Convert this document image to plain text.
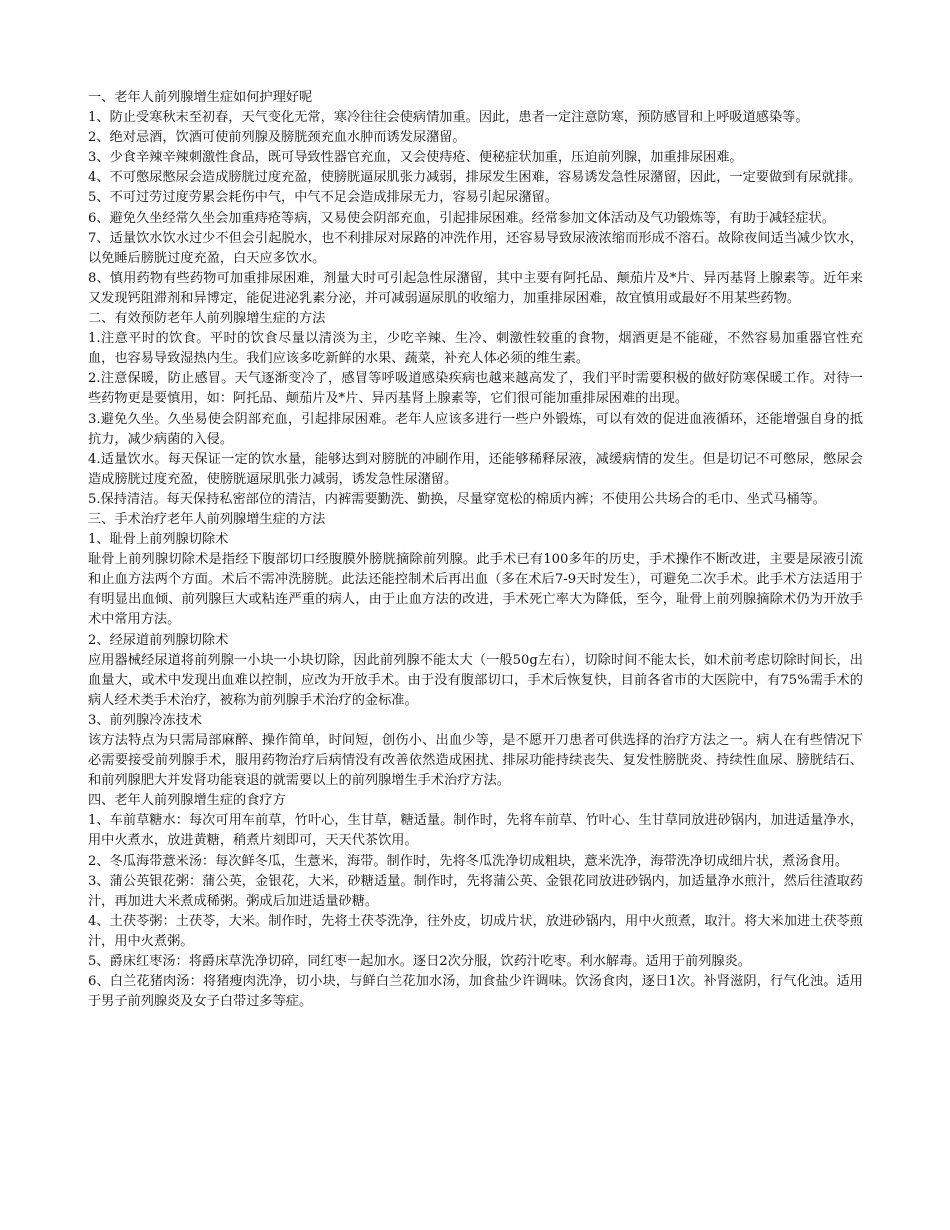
一、老年人前列腺增生症如何护理好呢

1、防止受寒秋末至初春，天气变化无常，寒冷往往会使病情加重。因此，患者一定注意防寒，预防感冒和上呼吸道感染等。

2、绝对忌酒，饮酒可使前列腺及膀胱颈充血水肿而诱发尿潴留。

3、少食辛辣辛辣刺激性食品，既可导致性器官充血，又会使痔疮、便秘症状加重，压迫前列腺，加重排尿困难。

4、不可憋尿憋尿会造成膀胱过度充盈，使膀胱逼尿肌张力减弱，排尿发生困难，容易诱发急性尿潴留，因此，一定要做到有尿就排。

5、不可过劳过度劳累会耗伤中气，中气不足会造成排尿无力，容易引起尿潴留。

6、避免久坐经常久坐会加重痔疮等病，又易使会阴部充血，引起排尿困难。经常参加文体活动及气功锻炼等，有助于减轻症状。

7、适量饮水饮水过少不但会引起脱水，也不利排尿对尿路的冲洗作用，还容易导致尿液浓缩而形成不溶石。故除夜间适当减少饮水，以免睡后膀胱过度充盈，白天应多饮水。

8、慎用药物有些药物可加重排尿困难，剂量大时可引起急性尿潴留，其中主要有阿托品、颠茄片及*片、异丙基肾上腺素等。近年来又发现钙阻滞剂和异博定，能促进泌乳素分泌，并可减弱逼尿肌的收缩力，加重排尿困难，故宜慎用或最好不用某些药物。

二、有效预防老年人前列腺增生症的方法

1.注意平时的饮食。平时的饮食尽量以清淡为主，少吃辛辣、生冷、刺激性较重的食物，烟酒更是不能碰，不然容易加重器官性充血，也容易导致湿热内生。我们应该多吃新鲜的水果、蔬菜，补充人体必须的维生素。

2.注意保暖，防止感冒。天气逐渐变冷了，感冒等呼吸道感染疾病也越来越高发了，我们平时需要积极的做好防寒保暖工作。对待一些药物更是要慎用，如：阿托品、颠茄片及*片、异丙基肾上腺素等，它们很可能加重排尿困难的出现。

3.避免久坐。久坐易使会阴部充血，引起排尿困难。老年人应该多进行一些户外锻炼，可以有效的促进血液循环，还能增强自身的抵抗力，减少病菌的入侵。

4.适量饮水。每天保证一定的饮水量，能够达到对膀胱的冲刷作用，还能够稀释尿液，减缓病情的发生。但是切记不可憋尿，憋尿会造成膀胱过度充盈，使膀胱逼尿肌张力减弱，诱发急性尿潴留。

5.保持清洁。每天保持私密部位的清洁，内裤需要勤洗、勤换，尽量穿宽松的棉质内裤；不使用公共场合的毛巾、坐式马桶等。

三、手术治疗老年人前列腺增生症的方法

1、耻骨上前列腺切除术

耻骨上前列腺切除术是指经下腹部切口经腹膜外膀胱摘除前列腺。此手术已有100多年的历史，手术操作不断改进，主要是尿液引流和止血方法两个方面。术后不需冲洗膀胱。此法还能控制术后再出血（多在术后7-9天时发生），可避免二次手术。此手术方法适用于有明显出血倾、前列腺巨大或粘连严重的病人，由于止血方法的改进，手术死亡率大为降低，至今，耻骨上前列腺摘除术仍为开放手术中常用方法。

2、经尿道前列腺切除术

应用器械经尿道将前列腺一小块一小块切除，因此前列腺不能太大（一般50g左右），切除时间不能太长，如术前考虑切除时间长，出血量大，或术中发现出血难以控制，应改为开放手术。由于没有腹部切口，手术后恢复快，目前各省市的大医院中，有75%需手术的病人经术类手术治疗，被称为前列腺手术治疗的金标准。

3、前列腺冷冻技术

该方法特点为只需局部麻醉、操作简单，时间短，创伤小、出血少等，是不愿开刀患者可供选择的治疗方法之一。病人在有些情况下必需要接受前列腺手术，服用药物治疗后病情没有改善依然造成困扰、排尿功能持续丧失、复发性膀胱炎、持续性血尿、膀胱结石、和前列腺肥大并发肾功能衰退的就需要以上的前列腺增生手术治疗方法。

四、老年人前列腺增生症的食疗方

1、车前草糖水：每次可用车前草，竹叶心，生甘草，糖适量。制作时，先将车前草、竹叶心、生甘草同放进砂锅内，加进适量净水，用中火煮水，放进黄糖，稍煮片刻即可，天天代茶饮用。

2、冬瓜海带薏米汤：每次鲜冬瓜，生薏米，海带。制作时，先将冬瓜洗净切成粗块，薏米洗净，海带洗净切成细片状，煮汤食用。

3、蒲公英银花粥：蒲公英，金银花，大米，砂糖适量。制作时，先将蒲公英、金银花同放进砂锅内，加适量净水煎汁，然后往渣取药汁，再加进大米煮成稀粥。粥成后加进适量砂糖。

4、土茯苓粥：土茯苓，大米。制作时，先将土茯苓洗净，往外皮，切成片状，放进砂锅内，用中火煎煮，取汁。将大米加进土茯苓煎汁，用中火煮粥。

5、爵床红枣汤：将爵床草洗净切碎，同红枣一起加水。逐日2次分服，饮药汁吃枣。利水解毒。适用于前列腺炎。

6、白兰花猪肉汤：将猪瘦肉洗净，切小块，与鲜白兰花加水汤，加食盐少许调味。饮汤食肉，逐日1次。补肾滋阴，行气化浊。适用于男子前列腺炎及女子白带过多等症。
